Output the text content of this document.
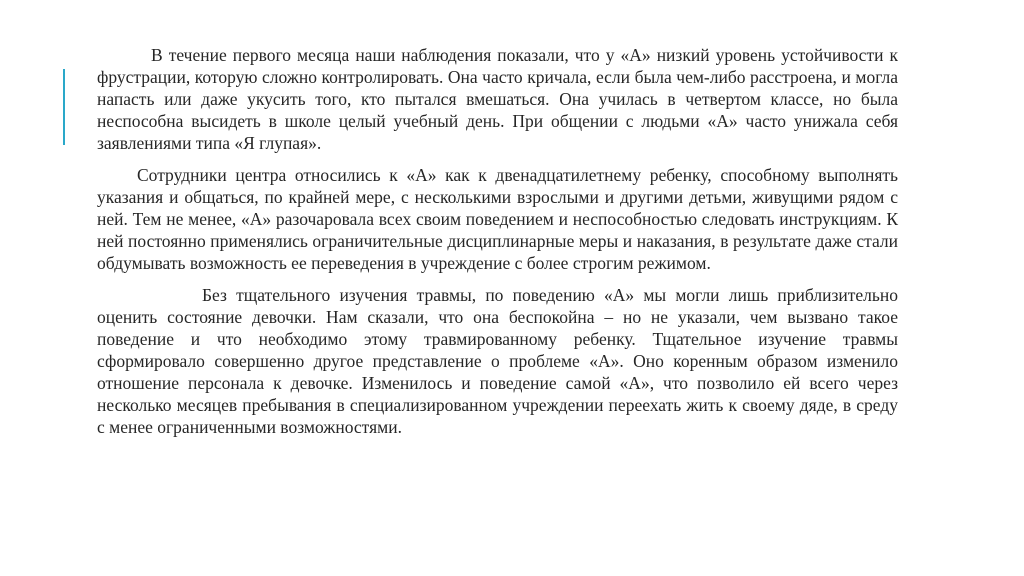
В течение первого месяца наши наблюдения показали, что у «А» низкий уровень устойчивости к фрустрации, которую сложно контролировать. Она часто кричала, если была чем-либо расстроена, и могла напасть или даже укусить того, кто пытался вмешаться. Она училась в четвертом классе, но была неспособна высидеть в школе целый учебный день. При общении с людьми «А» часто унижала себя заявлениями типа «Я глупая».

Сотрудники центра относились к «А» как к двенадцатилетнему ребенку, способному выполнять указания и общаться, по крайней мере, с несколькими взрослыми и другими детьми, живущими рядом с ней. Тем не менее, «А» разочаровала всех своим поведением и неспособностью следовать инструкциям. К ней постоянно применялись ограничительные дисциплинарные меры и наказания, в результате даже стали обдумывать возможность ее переведения в учреждение с более строгим режимом.

Без тщательного изучения травмы, по поведению «А» мы могли лишь приблизительно оценить состояние девочки. Нам сказали, что она беспокойна – но не указали, чем вызвано такое поведение и что необходимо этому травмированному ребенку. Тщательное изучение травмы сформировало совершенно другое представление о проблеме «А». Оно коренным образом изменило отношение персонала к девочке. Изменилось и поведение самой «А», что позволило ей всего через несколько месяцев пребывания в специализированном учреждении переехать жить к своему дяде, в среду с менее ограниченными возможностями.
